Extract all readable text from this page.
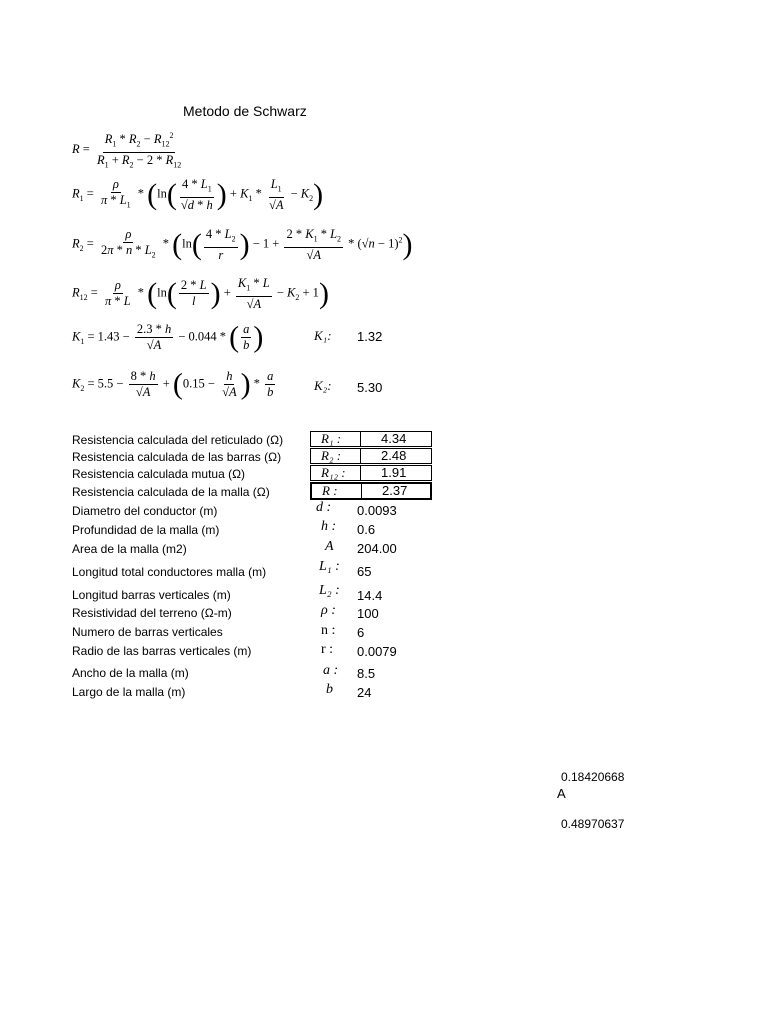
Metodo de Schwarz
$R = \frac{R_1 * R_2 - R_{12}^2}{R_1 + R_2 - 2 * R_{12}}$
$R_1 = \frac{\rho}{\pi * L_1} * (\ln( \frac{4 * L_1}{√d * h}$ ) + $K_1 * \frac{L_1}{√A} - K_2$)
$R_2 = \frac{\rho}{2\pi * n * L_2} * (\ln( \frac{4 * L_2}{r}$ ) − $1 + \frac{2 * K_1 * L_2}{√A} * (√n - 1)^2$)
$R_{12} = \frac{\rho}{\pi * L} * (\ln( \frac{2 * L}{l}$ ) + $\frac{K_1 * L}{√A} - K_2 + 1$)
$K_1 = 1.43 - \frac{2.3 * h}{√A} - 0.044$ * ( $\frac{a}{b}$ )	K₁: 1.32
$K_2 = 5.5 - \frac{8 * h}{√A} + (0.15 - \frac{h}{√A}$ ) * $\frac{a}{b}$	K₂: 5.30
Resistencia calculada del reticulado (Ω)	R₁ :	4.34
Resistencia calculada de las barras (Ω)	R₂ :	2.48
Resistencia calculada mutua (Ω)	R₁₂ :	1.91
Resistencia calculada de la malla (Ω)	R :	2.37
Diametro del conductor (m)	d : 0.0093
Profundidad de la malla (m)	h : 0.6
Area de la malla (m2)	A 204.00
Longitud total conductores malla (m)	L₁ : 65
Longitud barras verticales (m)	L₂ : 14.4
Resistividad del terreno (Ω-m)	ρ : 100
Numero de barras verticales	n : 6
Radio de las barras verticales (m)	r : 0.0079
Ancho de la malla (m)	a : 8.5
Largo de la malla (m)	b 24
0.18420668
A
0.48970637
